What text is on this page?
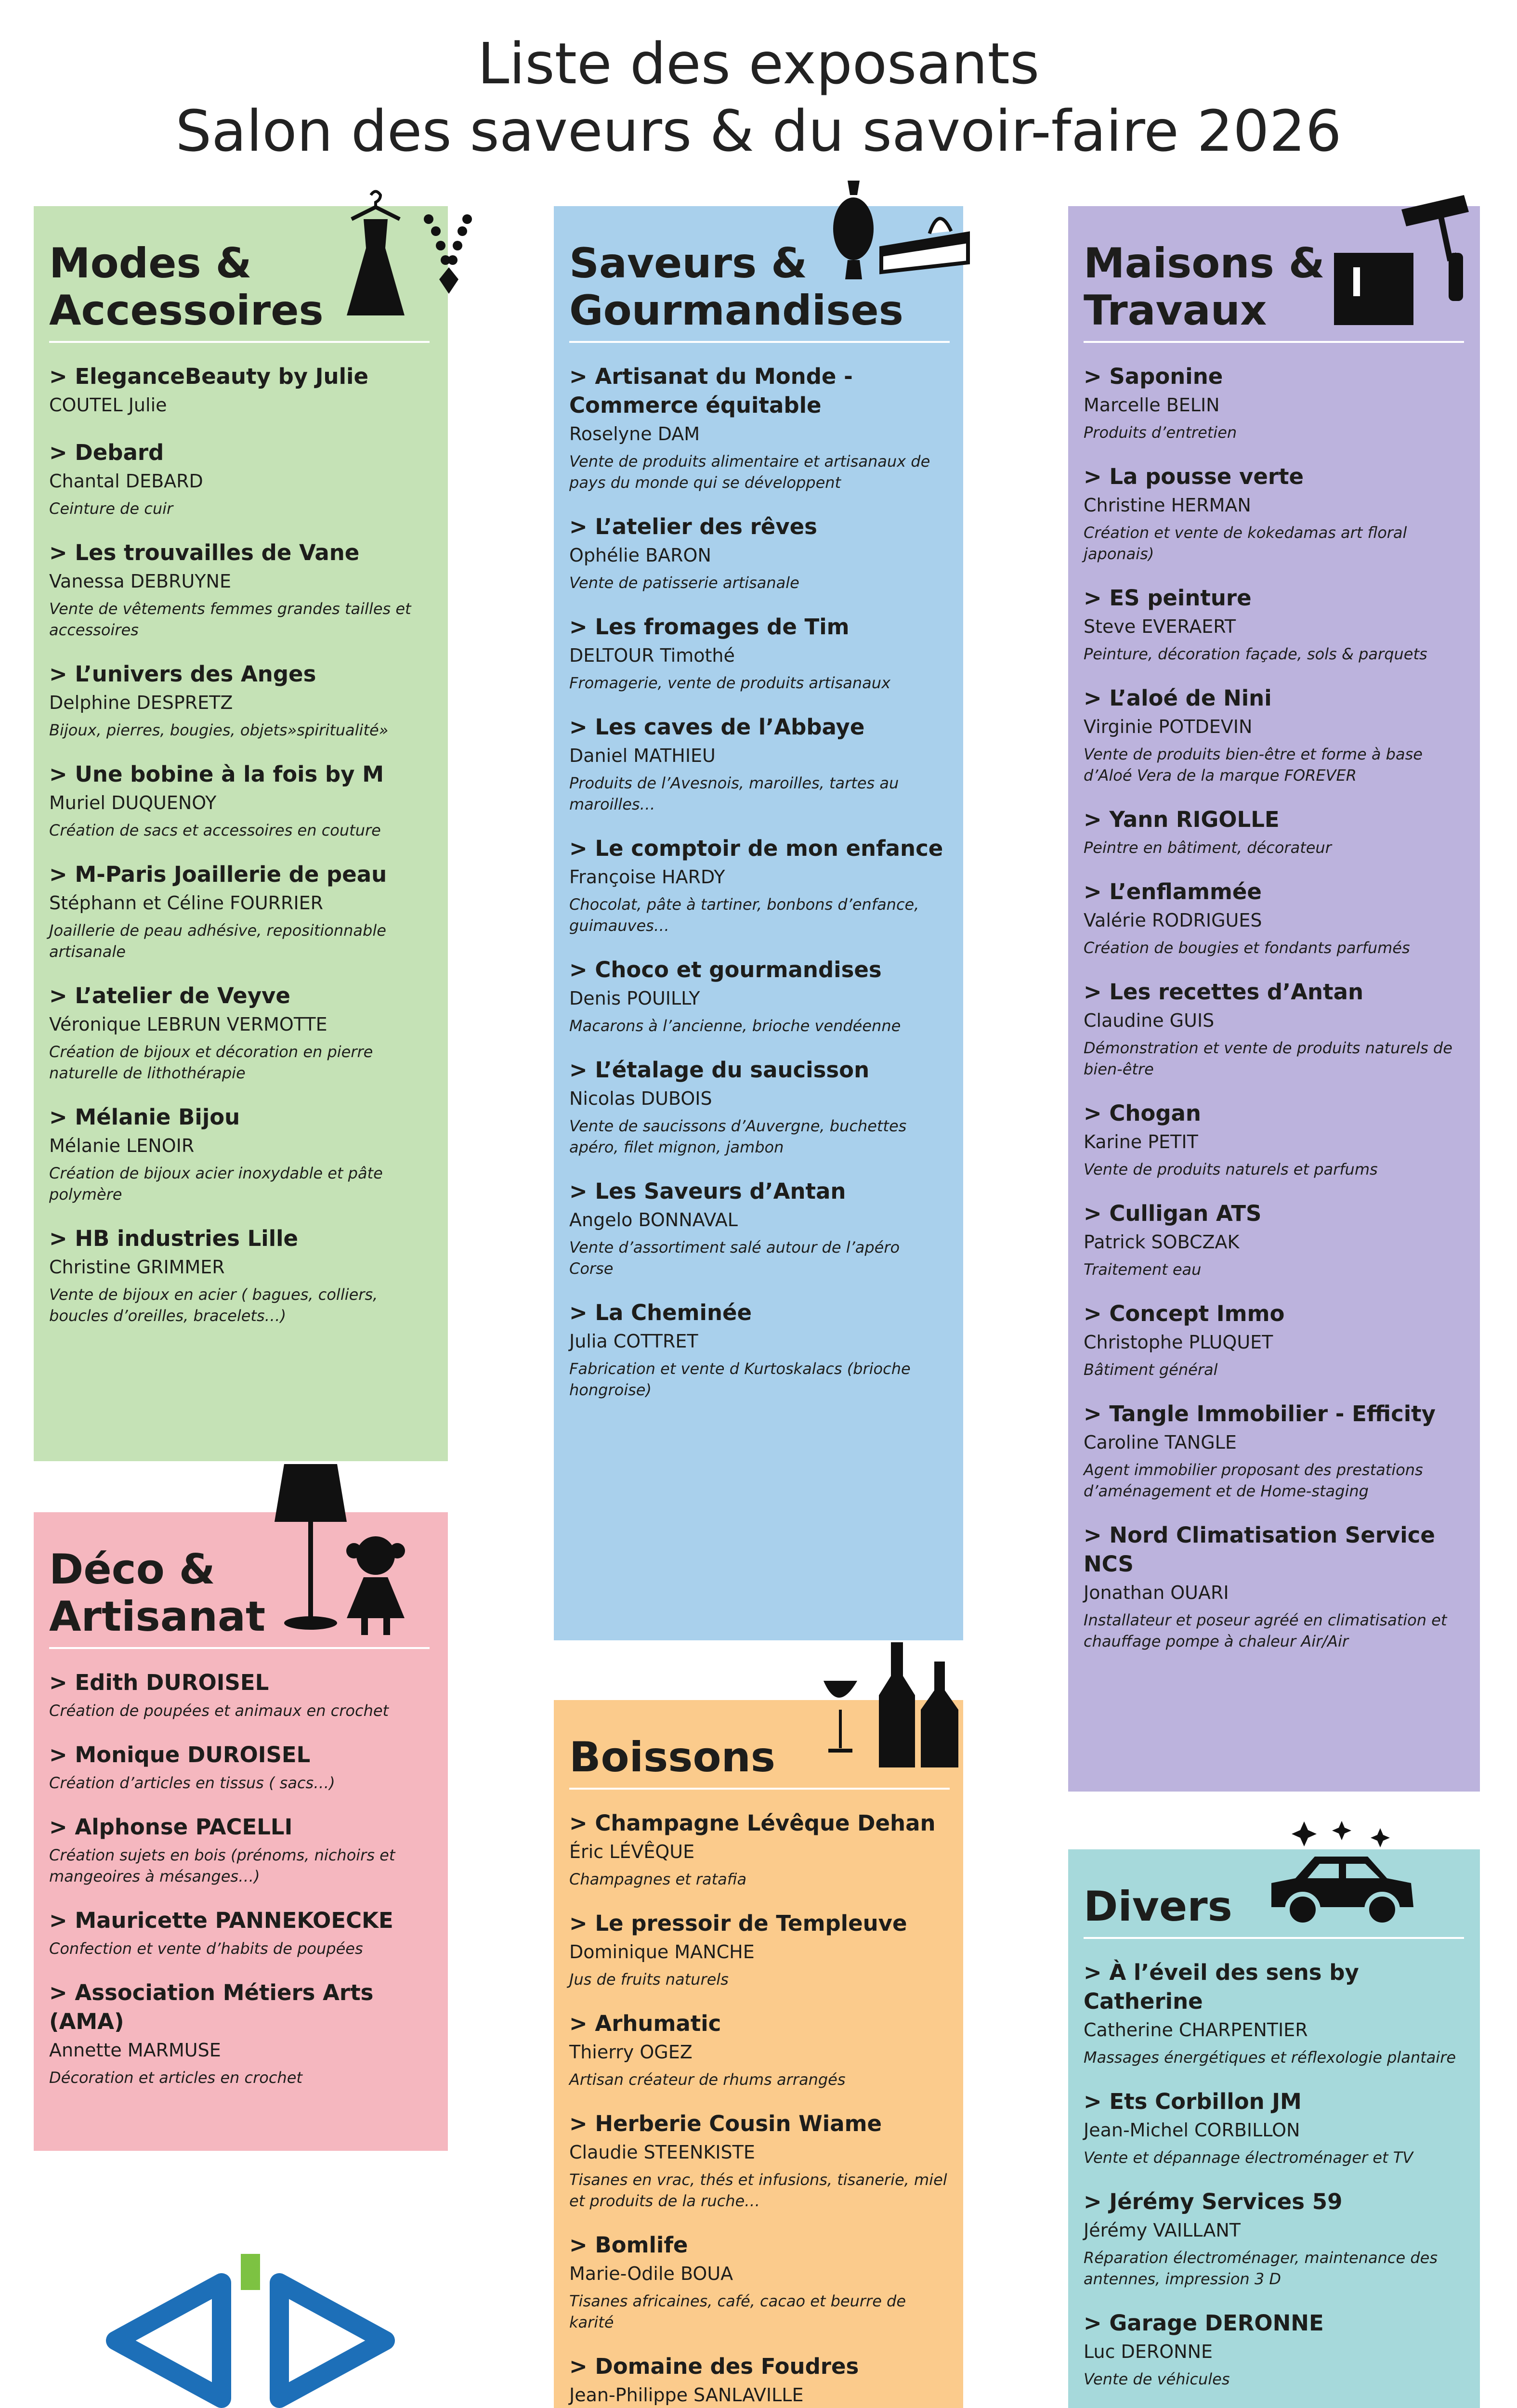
Liste des exposants
Salon des saveurs & du savoir-faire 2026
Modes &
Accessoires
> EleganceBeauty by Julie
COUTEL Julie
> Debard
Chantal DEBARD
Ceinture de cuir
> Les trouvailles de Vane
Vanessa DEBRUYNE
Vente de vêtements femmes grandes tailles et accessoires
> L’univers des Anges
Delphine DESPRETZ
Bijoux, pierres, bougies, objets»spiritualité»
> Une bobine à la fois by M
Muriel DUQUENOY
Création de sacs et accessoires en couture
> M-Paris Joaillerie de peau
Stéphann et Céline FOURRIER
Joaillerie de peau adhésive, repositionnable artisanale
> L’atelier de Veyve
Véronique LEBRUN VERMOTTE
Création de bijoux et décoration en pierre naturelle de lithothérapie
> Mélanie Bijou
Mélanie LENOIR
Création de bijoux acier inoxydable et pâte polymère
> HB industries Lille
Christine GRIMMER
Vente de bijoux en acier ( bagues, colliers, boucles d’oreilles, bracelets…)
Déco &
Artisanat
> Edith DUROISEL
Création de poupées et animaux en crochet
> Monique DUROISEL
Création d’articles en tissus ( sacs…)
> Alphonse PACELLI
Création sujets en bois (prénoms, nichoirs et mangeoires à mésanges…)
> Mauricette PANNEKOECKE
Confection et vente d’habits de poupées
> Association Métiers Arts (AMA)
Annette MARMUSE
Décoration et articles en crochet
Saveurs &
Gourmandises
> Artisanat du Monde - Commerce équitable
Roselyne DAM
Vente de produits alimentaire et artisanaux de pays du monde qui se développent
> L’atelier des rêves
Ophélie BARON
Vente de patisserie artisanale
> Les fromages de Tim
DELTOUR Timothé
Fromagerie, vente de produits artisanaux
> Les caves de l’Abbaye
Daniel MATHIEU
Produits de l’Avesnois, maroilles, tartes au maroilles…
> Le comptoir de mon enfance
Françoise HARDY
Chocolat, pâte à tartiner, bonbons d’enfance, guimauves…
> Choco et gourmandises
Denis POUILLY
Macarons à l’ancienne, brioche vendéenne
> L’étalage du saucisson
Nicolas DUBOIS
Vente de saucissons d’Auvergne, buchettes apéro, filet mignon, jambon
> Les Saveurs d’Antan
Angelo BONNAVAL
Vente d’assortiment salé autour de l’apéro Corse
> La Cheminée
Julia COTTRET
Fabrication et vente d Kurtoskalacs (brioche hongroise)
Boissons
> Champagne Lévêque Dehan
Éric LÉVÊQUE
Champagnes et ratafia
> Le pressoir de Templeuve
Dominique MANCHE
Jus de fruits naturels
> Arhumatic
Thierry OGEZ
Artisan créateur de rhums arrangés
> Herberie Cousin Wiame
Claudie STEENKISTE
Tisanes en vrac, thés et infusions, tisanerie, miel et produits de la ruche…
> Bomlife
Marie-Odile BOUA
Tisanes africaines, café, cacao et beurre de karité
> Domaine des Foudres
Jean-Philippe SANLAVILLE
Maisons &
Travaux
> Saponine
Marcelle BELIN
Produits d’entretien
> La pousse verte
Christine HERMAN
Création et vente de kokedamas art floral japonais)
> ES peinture
Steve EVERAERT
Peinture, décoration façade, sols & parquets
> L’aloé de Nini
Virginie POTDEVIN
Vente de produits bien-être et forme à base d’Aloé Vera de la marque FOREVER
> Yann RIGOLLE
Peintre en bâtiment, décorateur
> L’enflammée
Valérie RODRIGUES
Création de bougies et fondants parfumés
> Les recettes d’Antan
Claudine GUIS
Démonstration et vente de produits naturels de bien-être
> Chogan
Karine PETIT
Vente de produits naturels et parfums
> Culligan ATS
Patrick SOBCZAK
Traitement eau
> Concept Immo
Christophe PLUQUET
Bâtiment général
> Tangle Immobilier - Efficity
Caroline TANGLE
Agent immobilier proposant des prestations d’aménagement et de Home-staging
> Nord Climatisation Service NCS
Jonathan OUARI
Installateur et poseur agréé en climatisation et chauffage pompe à chaleur Air/Air
Divers
> À l’éveil des sens by Catherine
Catherine CHARPENTIER
Massages énergétiques et réflexologie plantaire
> Ets Corbillon JM
Jean-Michel CORBILLON
Vente et dépannage électroménager et TV
> Jérémy Services 59
Jérémy VAILLANT
Réparation électroménager, maintenance des antennes, impression 3 D
> Garage DERONNE
Luc DERONNE
Vente de véhicules
